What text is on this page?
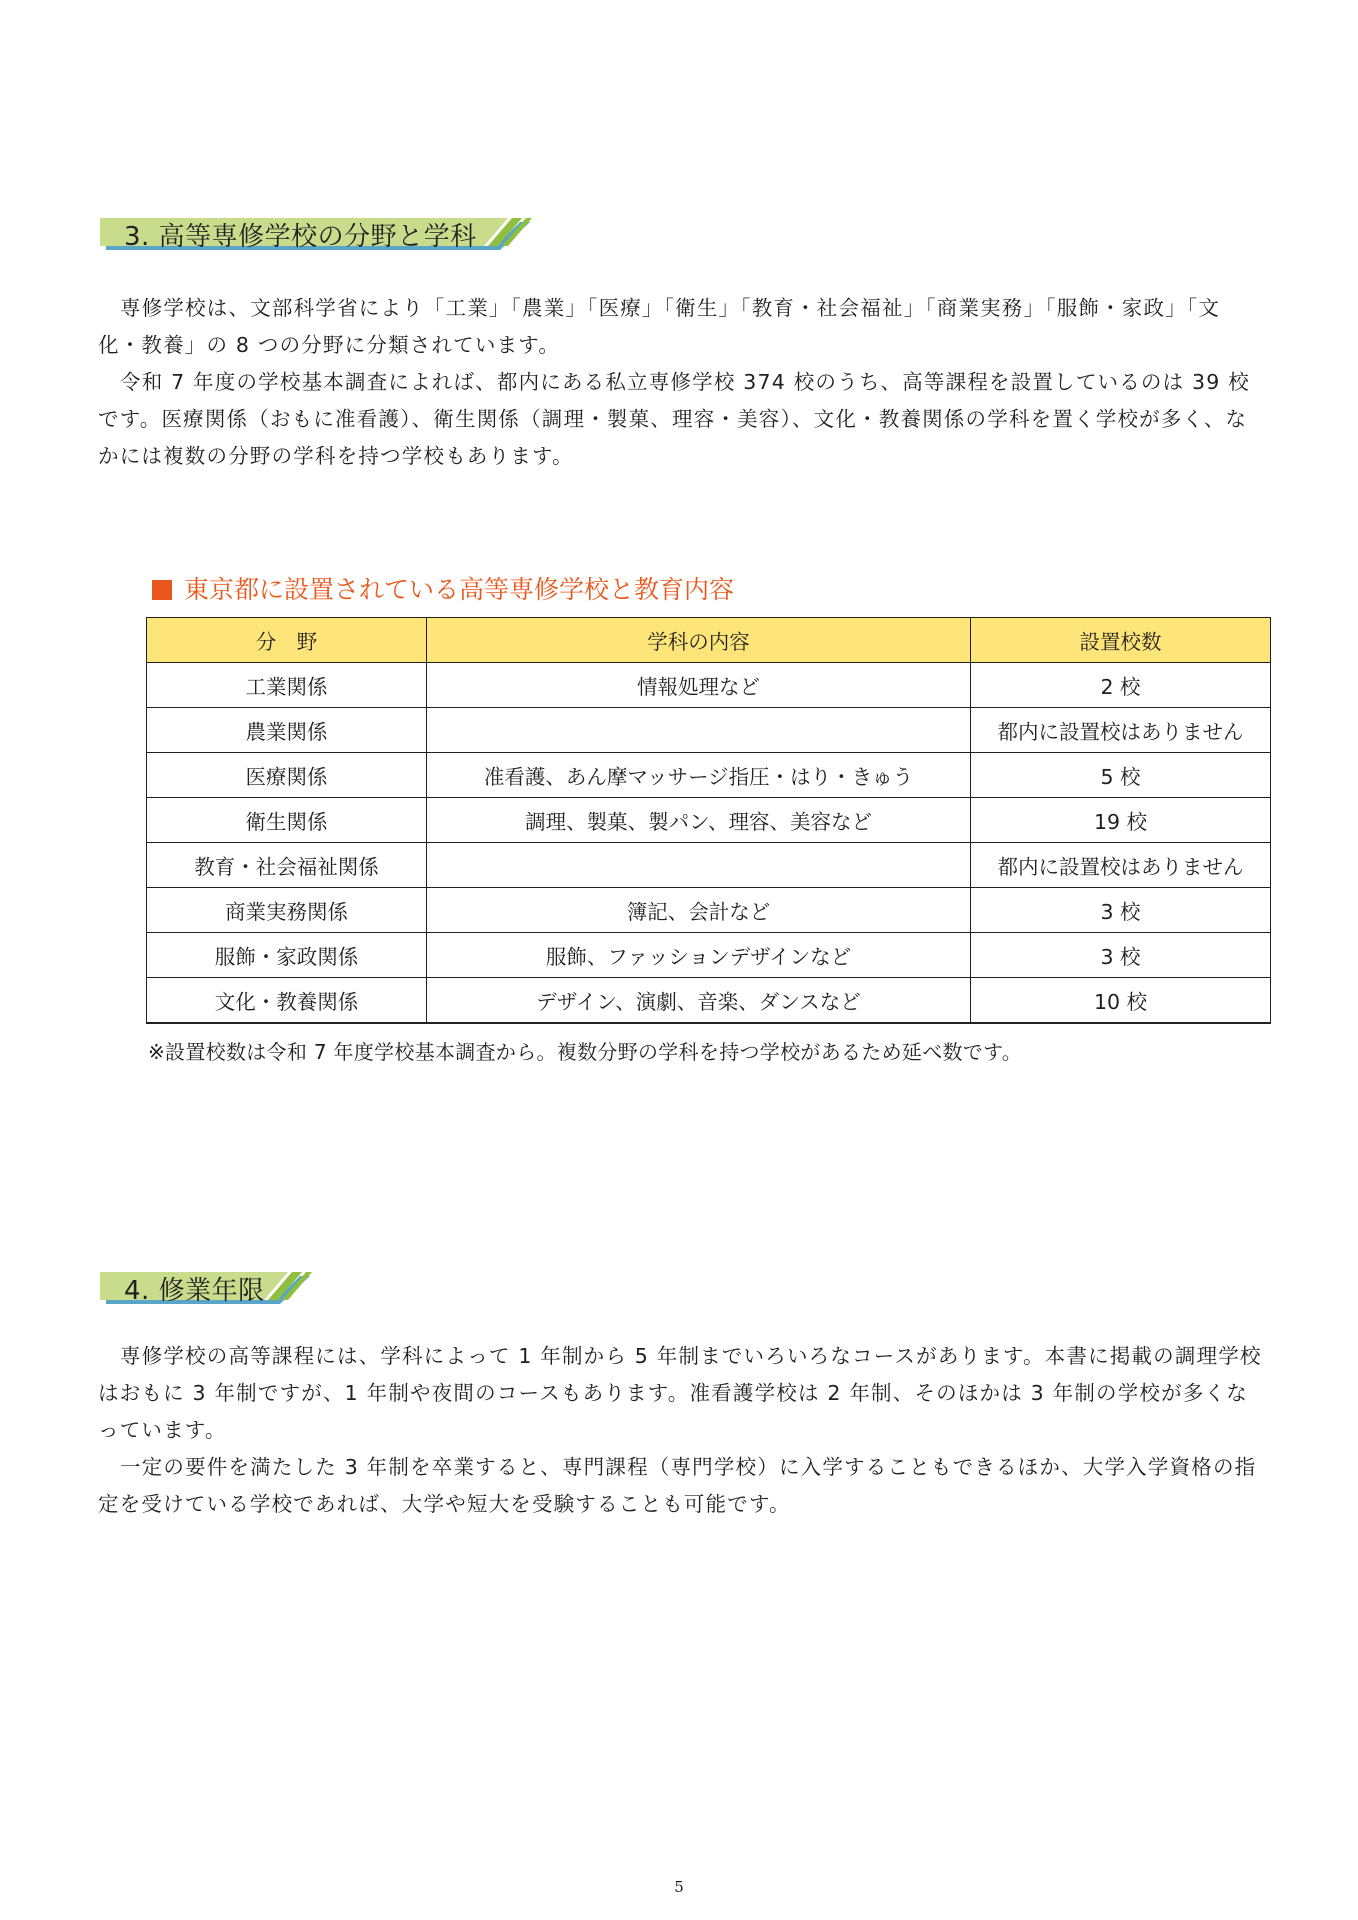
3. 高等専修学校の分野と学科

専修学校は、文部科学省により「工業」「農業」「医療」「衛生」「教育・社会福祉」「商業実務」「服飾・家政」「文化・教養」の 8 つの分野に分類されています。

令和 7 年度の学校基本調査によれば、都内にある私立専修学校 374 校のうち、高等課程を設置しているのは 39 校です。医療関係（おもに准看護）、衛生関係（調理・製菓、理容・美容）、文化・教養関係の学科を置く学校が多く、なかには複数の分野の学科を持つ学校もあります。

東京都に設置されている高等専修学校と教育内容
分　野	学科の内容	設置校数
工業関係	情報処理など	2 校
農業関係		都内に設置校はありません
医療関係	准看護、あん摩マッサージ指圧・はり・きゅう	5 校
衛生関係	調理、製菓、製パン、理容、美容など	19 校
教育・社会福祉関係		都内に設置校はありません
商業実務関係	簿記、会計など	3 校
服飾・家政関係	服飾、ファッションデザインなど	3 校
文化・教養関係	デザイン、演劇、音楽、ダンスなど	10 校
※設置校数は令和 7 年度学校基本調査から。複数分野の学科を持つ学校があるため延べ数です。
4. 修業年限

専修学校の高等課程には、学科によって 1 年制から 5 年制までいろいろなコースがあります。本書に掲載の調理学校はおもに 3 年制ですが、1 年制や夜間のコースもあります。准看護学校は 2 年制、そのほかは 3 年制の学校が多くなっています。

一定の要件を満たした 3 年制を卒業すると、専門課程（専門学校）に入学することもできるほか、大学入学資格の指定を受けている学校であれば、大学や短大を受験することも可能です。

5
